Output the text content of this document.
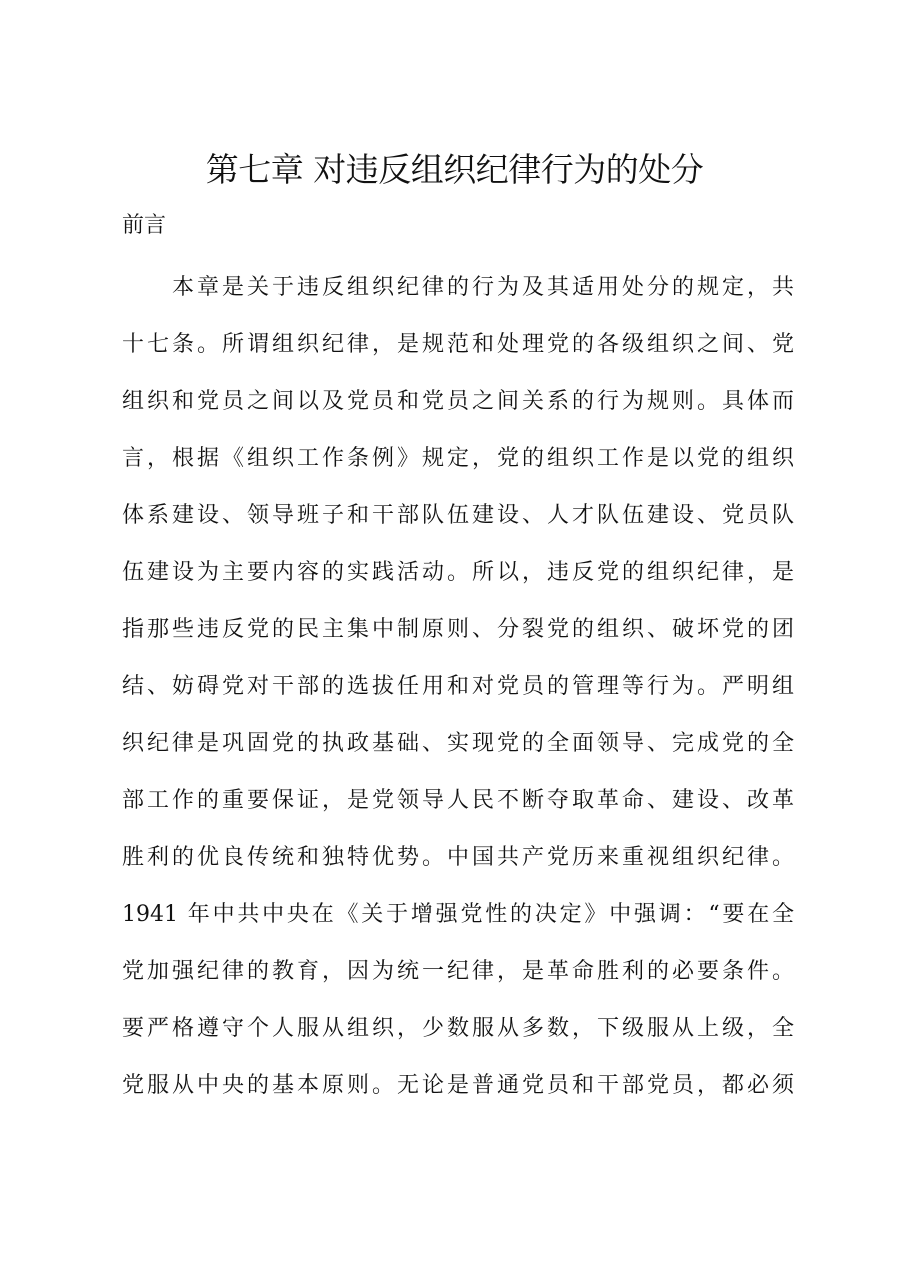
第七章 对违反组织纪律行为的处分
前言
本章是关于违反组织纪律的行为及其适用处分的规定，共
十七条。所谓组织纪律，是规范和处理党的各级组织之间、党
组织和党员之间以及党员和党员之间关系的行为规则。具体而
言，根据《组织工作条例》规定，党的组织工作是以党的组织
体系建设、领导班子和干部队伍建设、人才队伍建设、党员队
伍建设为主要内容的实践活动。所以，违反党的组织纪律，是
指那些违反党的民主集中制原则、分裂党的组织、破坏党的团
结、妨碍党对干部的选拔任用和对党员的管理等行为。严明组
织纪律是巩固党的执政基础、实现党的全面领导、完成党的全
部工作的重要保证，是党领导人民不断夺取革命、建设、改革
胜利的优良传统和独特优势。中国共产党历来重视组织纪律。
1941 年中共中央在《关于增强党性的决定》中强调：“要在全
党加强纪律的教育，因为统一纪律，是革命胜利的必要条件。
要严格遵守个人服从组织，少数服从多数，下级服从上级，全
党服从中央的基本原则。无论是普通党员和干部党员，都必须
